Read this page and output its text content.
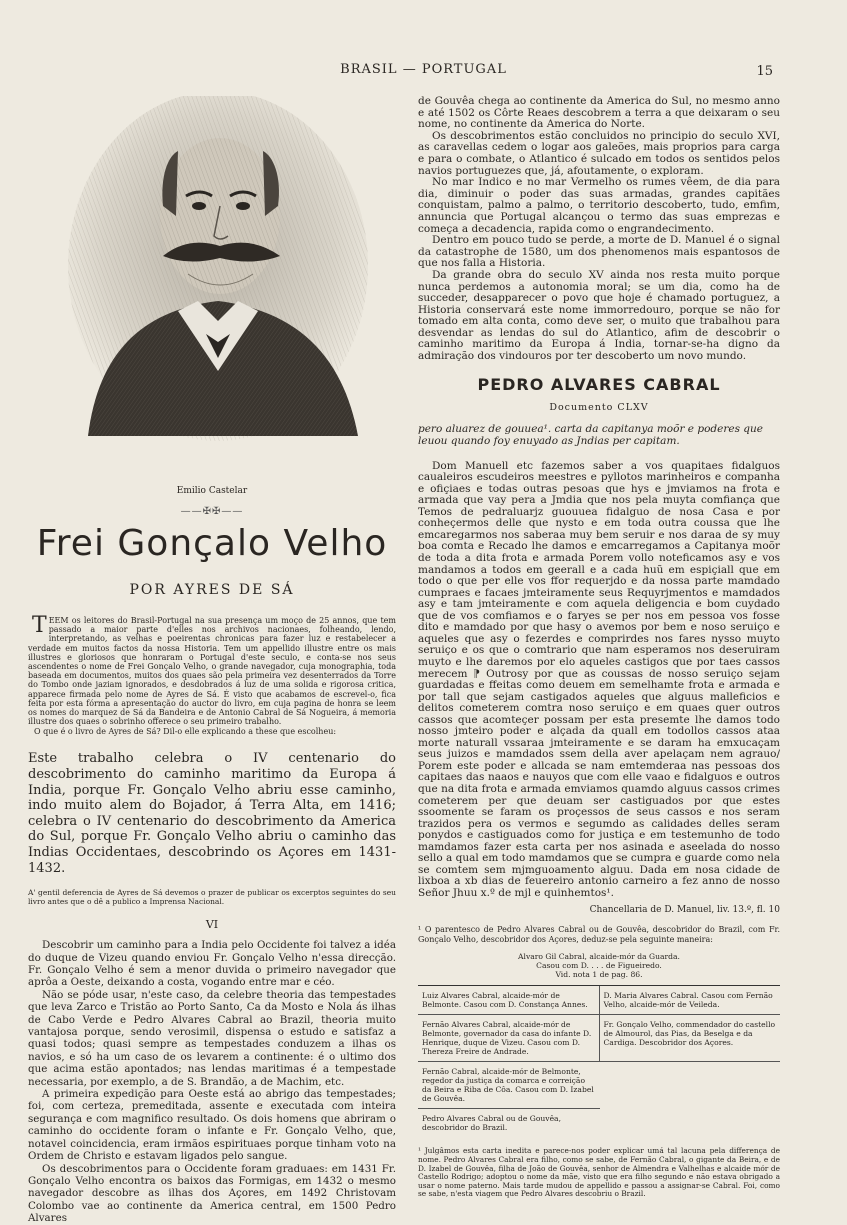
BRASIL — PORTUGAL	15
Emilio Castelar
——✠✠——
Frei Gonçalo Velho
POR AYRES DE SÁ
T EEM os leitores do Brasil-Portugal na sua presença um moço de 25 annos, que tem passado a maior parte d'elles nos archivos nacionaes, folheando, lendo, interpretando, as velhas e poeirentas chronicas para fazer luz e restabelecer a verdade em muitos factos da nossa Historia. Tem um appellido illustre entre os mais illustres e gloriosos que honraram o Portugal d'este seculo, e conta-se nos seus ascendentes o nome de Frei Gonçalo Velho, o grande navegador, cuja monographia, toda baseada em documentos, muitos dos quaes são pela primeira vez desenterrados da Torre do Tombo onde jaziam ignorados, e desdobrados á luz de uma solida e rigorosa critica, apparece firmada pelo nome de Ayres de Sá. É visto que acabamos de escrevel-o, fica feita por esta fórma a apresentação do auctor do livro, em cuja pagina de honra se leem os nomes do marquez de Sá da Bandeira e de Antonio Cabral de Sá Nogueira, á memoria illustre dos quaes o sobrinho offerece o seu primeiro trabalho.
O que é o livro de Ayres de Sá? Dil-o elle explicando a these que escolheu:
Este trabalho celebra o IV centenario do descobrimento do caminho maritimo da Europa á India, porque Fr. Gonçalo Velho abriu esse caminho, indo muito alem do Bojador, á Terra Alta, em 1416; celebra o IV centenario do descobrimento da America do Sul, porque Fr. Gonçalo Velho abriu o caminho das Indias Occidentaes, descobrindo os Açores em 1431-1432.
A' gentil deferencia de Ayres de Sá devemos o prazer de publicar os excerptos seguintes do seu livro antes que o dê a publico a Imprensa Nacional.
VI

Descobrir um caminho para a India pelo Occidente foi talvez a idéa do duque de Vizeu quando enviou Fr. Gonçalo Velho n'essa direcção. Fr. Gonçalo Velho é sem a menor duvida o primeiro navegador que aprôa a Oeste, deixando a costa, vogando entre mar e céo.

Não se póde usar, n'este caso, da celebre theoria das tempestades que leva Zarco e Tristão ao Porto Santo, Ca da Mosto e Nola ás ilhas de Cabo Verde e Pedro Alvares Cabral ao Brazil, theoria muito vantajosa porque, sendo verosimil, dispensa o estudo e satisfaz a quasi todos; quasi sempre as tempestades conduzem a ilhas os navios, e só ha um caso de os levarem a continente: é o ultimo dos que acima estão apontados; nas lendas maritimas é a tempestade necessaria, por exemplo, a de S. Brandão, a de Machim, etc.

A primeira expedição para Oeste está ao abrigo das tempestades; foi, com certeza, premeditada, assente e executada com inteira segurança e com magnifico resultado. Os dois homens que abriram o caminho do occidente foram o infante e Fr. Gonçalo Velho, que, notavel coincidencia, eram irmãos espirituaes porque tinham voto na Ordem de Christo e estavam ligados pelo sangue.

Os descobrimentos para o Occidente foram graduaes: em 1431 Fr. Gonçalo Velho encontra os baixos das Formigas, em 1432 o mesmo navegador descobre as ilhas dos Açores, em 1492 Christovam Colombo vae ao continente da America central, em 1500 Pedro Alvares

de Gouvêa chega ao continente da America do Sul, no mesmo anno e até 1502 os Côrte Reaes descobrem a terra a que deixaram o seu nome, no continente da America do Norte.

Os descobrimentos estão concluidos no principio do seculo XVI, as caravellas cedem o logar aos galeões, mais proprios para carga e para o combate, o Atlantico é sulcado em todos os sentidos pelos navios portuguezes que, já, afoutamente, o exploram.

No mar Indico e no mar Vermelho os rumes vêem, de dia para dia, diminuir o poder das suas armadas, grandes capitães conquistam, palmo a palmo, o territorio descoberto, tudo, emfim, annuncia que Portugal alcançou o termo das suas emprezas e começa a decadencia, rapida como o engrandecimento.

Dentro em pouco tudo se perde, a morte de D. Manuel é o signal da catastrophe de 1580, um dos phenomenos mais espantosos de que nos falla a Historia.

Da grande obra do seculo XV ainda nos resta muito porque nunca perdemos a autonomia moral; se um dia, como ha de succeder, desapparecer o povo que hoje é chamado portuguez, a Historia conservará este nome immorredouro, porque se não for tomado em alta conta, como deve ser, o muito que trabalhou para desvendar as lendas do sul do Atlantico, afim de descobrir o caminho maritimo da Europa á India, tornar-se-ha digno da admiração dos vindouros por ter descoberto um novo mundo.

PEDRO ALVARES CABRAL
Documento CLXV
pero aluarez de gouuea¹. carta da capitanya moõr e poderes que leuou quando foy enuyado as Jndias per capitam.

Dom Manuell etc fazemos saber a vos quapitaes fidalguos caualeiros escudeiros meestres e pyllotos marinheiros e companha e ofiçiaes e todas outras pesoas que hys e jmviamos na frota e armada que vay pera a Jmdia que nos pela muyta comfiança que Temos de pedraluarjz guouuea fidalguo de nosa Casa e por conheçermos delle que nysto e em toda outra coussa que lhe emcaregarmos nos saberaa muy bem seruir e nos daraa de sy muy boa comta e Recado lhe damos e emcarregamos a Capitanya moõr de toda a dita frota e armada Porem vollo noteficamos asy e vos mandamos a todos em geerall e a cada huũ em espiçiall que em todo o que per elle vos ffor requerjdo e da nossa parte mamdado cumpraes e facaes jmteiramente seus Requyrjmentos e mamdados asy e tam jmteiramente e com aquela deligencia e bom cuydado que de vos comfiamos e o faryes se per nos em pessoa vos fosse dito e mamdado por que hasy o avemos por bem e noso seruiço e aqueles que asy o fezerdes e comprirdes nos fares nysso muyto seruiço e os que o comtrario que nam esperamos nos deseruiram muyto e lhe daremos por elo aqueles castigos que por taes cassos merecem ⁋ Outrosy por que as coussas de nosso seruiço sejam guardadas e ffeitas como deuem em semelhamte frota e armada e por tall que sejam castigados aqueles que alguus malleficios e delitos cometerem comtra noso seruiço e em quaes quer outros cassos que acomteçer possam per esta presemte lhe damos todo nosso jmteiro poder e alçada da quall em todollos cassos ataa morte naturall vssaraa jmteiramente e se daram ha emxucaçam seus juizos e mamdados ssem della aver apelaçam nem agrauo/ Porem este poder e allcada se nam emtemderaa nas pessoas dos capitaes das naaos e nauyos que com elle vaao e fidalguos e outros que na dita frota e armada emviamos quamdo alguus cassos crimes cometerem per que deuam ser castiguados por que estes ssoomente se faram os proçessos de seus cassos e nos seram trazidos pera os vermos e segumdo as calidades delles seram ponydos e castiguados como for justiça e em testemunho de todo mamdamos fazer esta carta per nos asinada e aseelada do nosso sello a qual em todo mamdamos que se cumpra e guarde como nela se comtem sem mjmguoamento alguu. Dada em nosa cidade de lixboa a xb dias de feuereiro antonio carneiro a fez anno de nosso Señor Jhuu x.º de mjl e quinhemtos¹.

Chancellaria de D. Manuel, liv. 13.º, fl. 10
¹ O parentesco de Pedro Alvares Cabral ou de Gouvêa, descobridor do Brazil, com Fr. Gonçalo Velho, descobridor dos Açores, deduz-se pela seguinte maneira:
Alvaro Gil Cabral, alcaide-mór da Guarda.
Casou com D. . . . de Figueiredo.
Vid. nota 1 de pag. 86.
Luiz Alvares Cabral, alcaide-mór de Belmonte. Casou com D. Constança Annes.
D. Maria Alvares Cabral. Casou com Fernão Velho, alcaide-mór de Veileda.
Fernão Alvares Cabral, alcaide-mór de Belmonte, governador da casa do infante D. Henrique, duque de Vizeu. Casou com D. Thereza Freire de Andrade.
Fr. Gonçalo Velho, commendador do castello de Almourol, das Pias, da Beselga e da Cardiga. Descobridor dos Açores.
Fernão Cabral, alcaide-mór de Belmonte, regedor da justiça da comarca e correição da Beira e Riba de Côa. Casou com D. Izabel de Gouvêa.
Pedro Alvares Cabral ou de Gouvêa, descobridor do Brazil.
¹ Julgâmos esta carta inedita e parece-nos poder explicar umá tal lacuna pela differença de nome. Pedro Alvares Cabral era filho, como se sabe, de Fernão Cabral, o gigante da Beira, e de D. Izabel de Gouvêa, filha de João de Gouvêa, senhor de Almendra e Valhelhas e alcaide mór de Castello Rodrigo; adoptou o nome da mãe, visto que era filho segundo e não estava obrigado a usar o nome paterno. Mais tarde mudou de appellido e passou a assignar-se Cabral. Foi, como se sabe, n'esta viagem que Pedro Alvares descobriu o Brazil.
